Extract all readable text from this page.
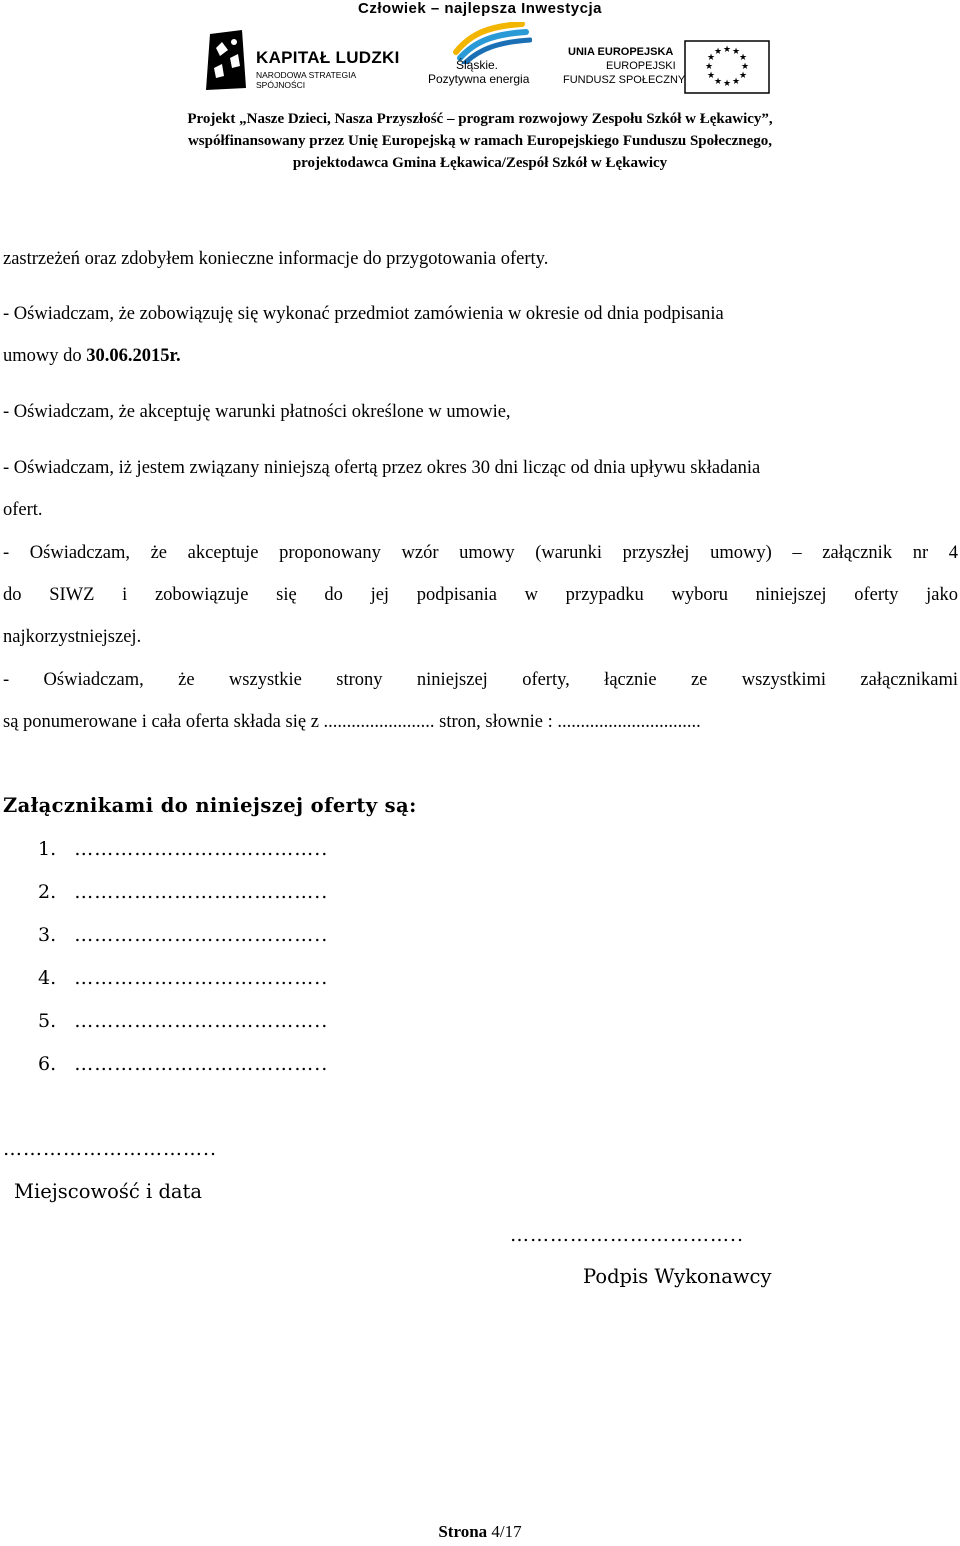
Człowiek – najlepsza Inwestycja
KAPITAŁ LUDZKI
NARODOWA STRATEGIA SPÓJNOŚCI
Śląskie.
Pozytywna energia
UNIA EUROPEJSKA
EUROPEJSKI
FUNDUSZ SPOŁECZNY
★ ★
★
★
★
★
★
★
★
★
★
★
Projekt „Nasze Dzieci, Nasza Przyszłość – program rozwojowy Zespołu Szkół w Łękawicy”,
współfinansowany przez Unię Europejską w ramach Europejskiego Funduszu Społecznego,
projektodawca Gmina Łękawica/Zespół Szkół w Łękawicy
zastrzeżeń oraz zdobyłem konieczne informacje do przygotowania oferty.
- Oświadczam, że zobowiązuję się wykonać przedmiot zamówienia w okresie od dnia podpisania
umowy do 30.06.2015r.
- Oświadczam, że akceptuję warunki płatności określone w umowie,
- Oświadczam, iż jestem związany niniejszą ofertą przez okres 30 dni licząc od dnia upływu składania
ofert.
- Oświadczam, że akceptuje proponowany wzór umowy (warunki przyszłej umowy) – załącznik nr 4
do SIWZ i zobowiązuje się do jej podpisania w przypadku wyboru niniejszej oferty jako
najkorzystniejszej.
- Oświadczam, że wszystkie strony niniejszej oferty, łącznie ze wszystkimi załącznikami
są ponumerowane i cała oferta składa się z ........................ stron, słownie : ...............................
Załącznikami do niniejszej oferty są:
1. ………………………………..
2. ………………………………..
3. ………………………………..
4. ………………………………..
5. ………………………………..
6. ………………………………..
…………………………..
Miejscowość i data
……………………………..
Podpis Wykonawcy
Strona 4/17
